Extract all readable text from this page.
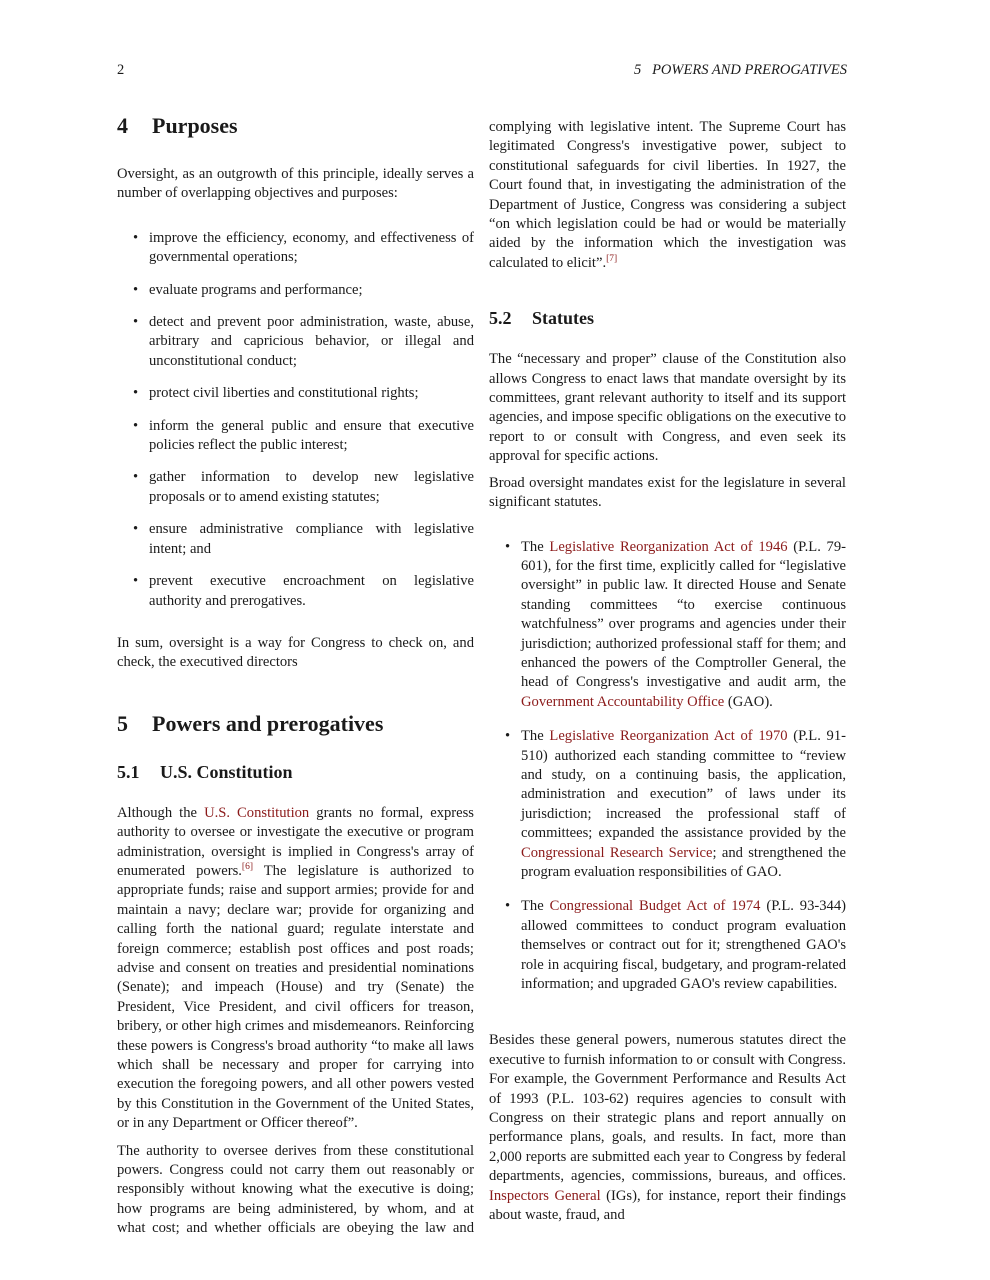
2	5   POWERS AND PREROGATIVES
4 Purposes

Oversight, as an outgrowth of this principle, ideally serves a number of overlapping objectives and purposes:

• improve the efficiency, economy, and effectiveness of governmental operations;
• evaluate programs and performance;
• detect and prevent poor administration, waste, abuse, arbitrary and capricious behavior, or illegal and unconstitutional conduct;
• protect civil liberties and constitutional rights;
• inform the general public and ensure that executive policies reflect the public interest;
• gather information to develop new legislative proposals or to amend existing statutes;
• ensure administrative compliance with legislative intent; and
• prevent executive encroachment on legislative authority and prerogatives.

In sum, oversight is a way for Congress to check on, and check, the executived directors

5 Powers and prerogatives
5.1 U.S. Constitution

Although the U.S. Constitution grants no formal, express authority to oversee or investigate the executive or program administration, oversight is implied in Congress's array of enumerated powers.[6] The legislature is authorized to appropriate funds; raise and support armies; provide for and maintain a navy; declare war; provide for organizing and calling forth the national guard; regulate interstate and foreign commerce; establish post offices and post roads; advise and consent on treaties and presidential nominations (Senate); and impeach (House) and try (Senate) the President, Vice President, and civil officers for treason, bribery, or other high crimes and misdemeanors. Reinforcing these powers is Congress's broad authority “to make all laws which shall be necessary and proper for carrying into execution the foregoing powers, and all other powers vested by this Constitution in the Government of the United States, or in any Department or Officer thereof”.

The authority to oversee derives from these constitutional powers. Congress could not carry them out reasonably or responsibly without knowing what the executive is doing; how programs are being administered, by whom, and at what cost; and whether officials are obeying the law and

complying with legislative intent. The Supreme Court has legitimated Congress's investigative power, subject to constitutional safeguards for civil liberties. In 1927, the Court found that, in investigating the administration of the Department of Justice, Congress was considering a subject “on which legislation could be had or would be materially aided by the information which the investigation was calculated to elicit”.[7]

5.2 Statutes

The “necessary and proper” clause of the Constitution also allows Congress to enact laws that mandate oversight by its committees, grant relevant authority to itself and its support agencies, and impose specific obligations on the executive to report to or consult with Congress, and even seek its approval for specific actions.

Broad oversight mandates exist for the legislature in several significant statutes.

• The Legislative Reorganization Act of 1946 (P.L. 79-601), for the first time, explicitly called for “legislative oversight” in public law. It directed House and Senate standing committees “to exercise continuous watchfulness” over programs and agencies under their jurisdiction; authorized professional staff for them; and enhanced the powers of the Comptroller General, the head of Congress's investigative and audit arm, the Government Accountability Office (GAO).
• The Legislative Reorganization Act of 1970 (P.L. 91-510) authorized each standing committee to “review and study, on a continuing basis, the application, administration and execution” of laws under its jurisdiction; increased the professional staff of committees; expanded the assistance provided by the Congressional Research Service; and strengthened the program evaluation responsibilities of GAO.
• The Congressional Budget Act of 1974 (P.L. 93-344) allowed committees to conduct program evaluation themselves or contract out for it; strengthened GAO's role in acquiring fiscal, budgetary, and program-related information; and upgraded GAO's review capabilities.

Besides these general powers, numerous statutes direct the executive to furnish information to or consult with Congress. For example, the Government Performance and Results Act of 1993 (P.L. 103-62) requires agencies to consult with Congress on their strategic plans and report annually on performance plans, goals, and results. In fact, more than 2,000 reports are submitted each year to Congress by federal departments, agencies, commissions, bureaus, and offices. Inspectors General (IGs), for instance, report their findings about waste, fraud, and
